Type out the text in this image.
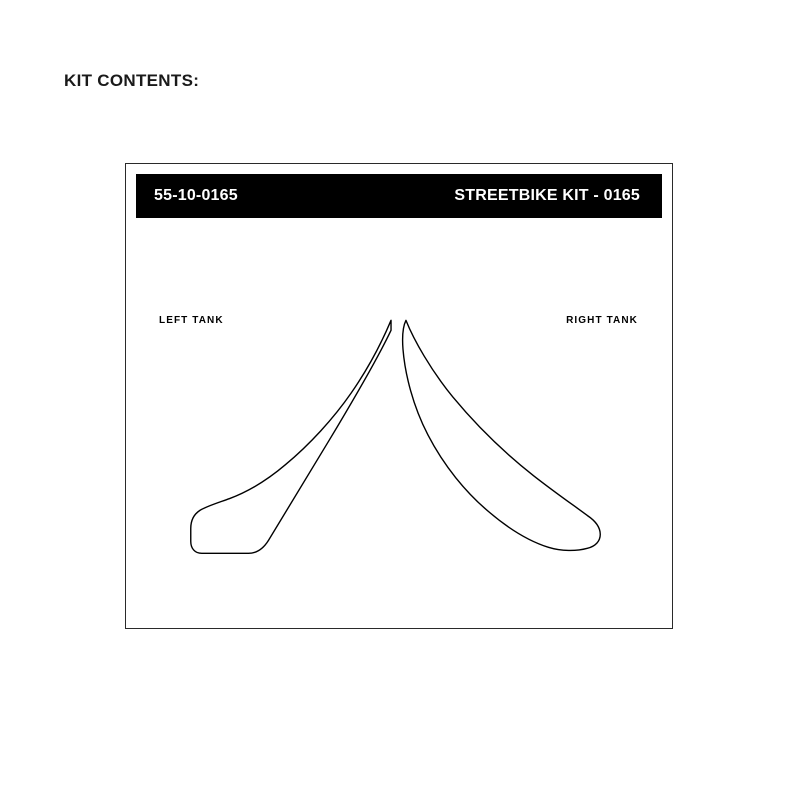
KIT CONTENTS:
55-10-0165	STREETBIKE KIT - 0165
LEFT TANK	RIGHT TANK
